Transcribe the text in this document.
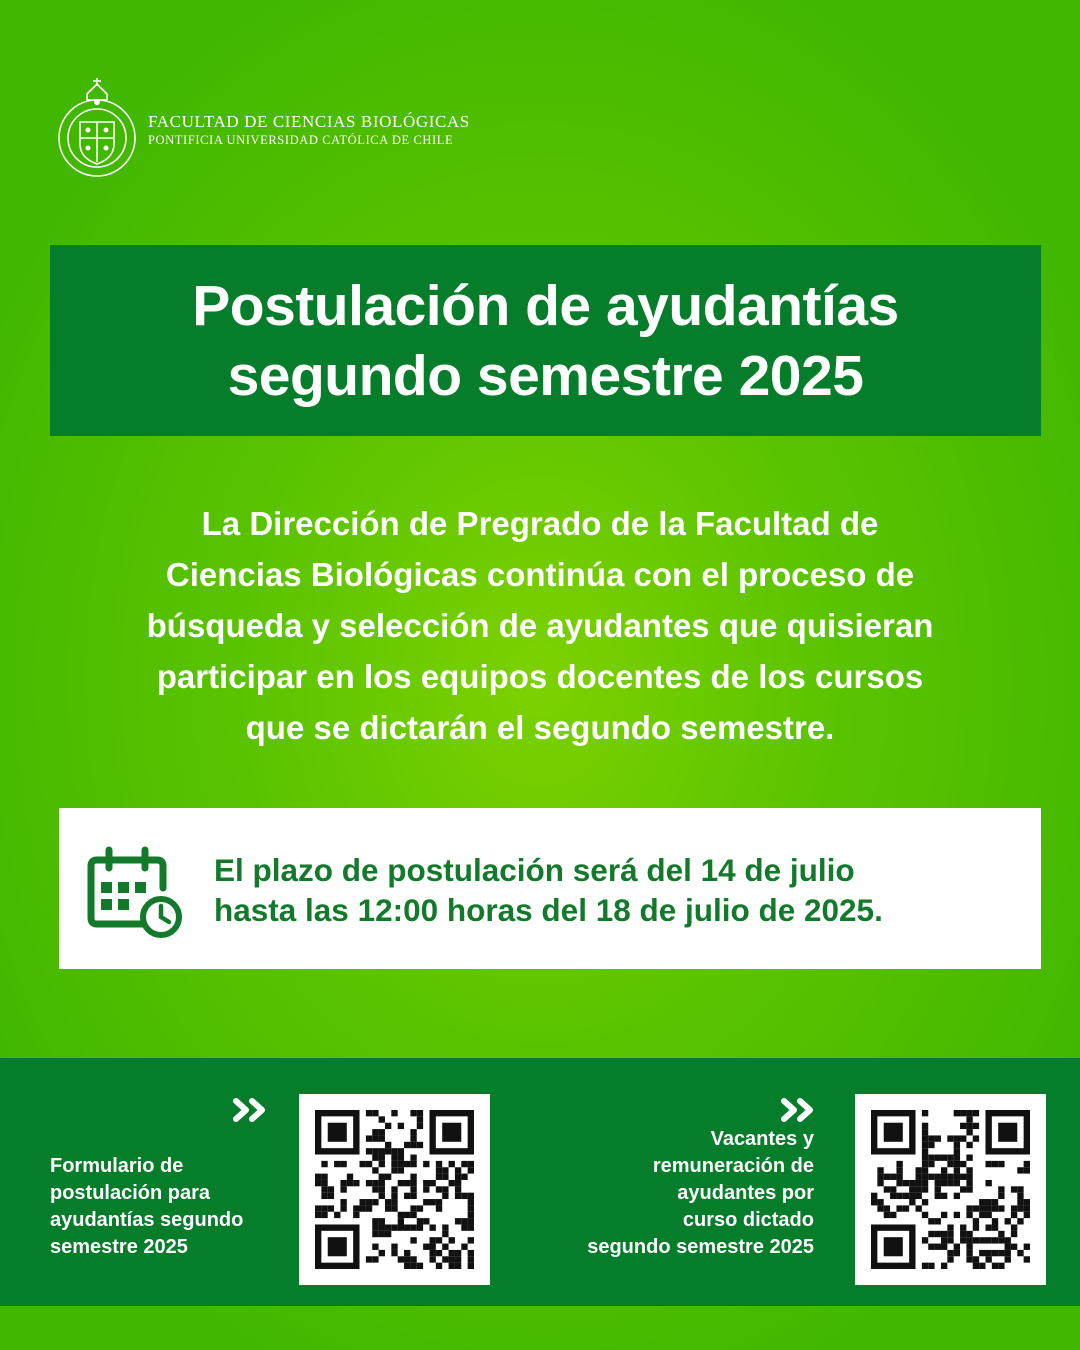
FACULTAD DE CIENCIAS BIOLÓGICAS
PONTIFICIA UNIVERSIDAD CATÓLICA DE CHILE
Postulación de ayudantías
segundo semestre 2025
La Dirección de Pregrado de la Facultad de
Ciencias Biológicas continúa con el proceso de
búsqueda y selección de ayudantes que quisieran
participar en los equipos docentes de los cursos
que se dictarán el segundo semestre.
El plazo de postulación será del 14 de julio
hasta las 12:00 horas del 18 de julio de 2025.
Formulario de
postulación para
ayudantías segundo
semestre 2025
Vacantes y
remuneración de
ayudantes por
curso dictado
segundo semestre 2025
